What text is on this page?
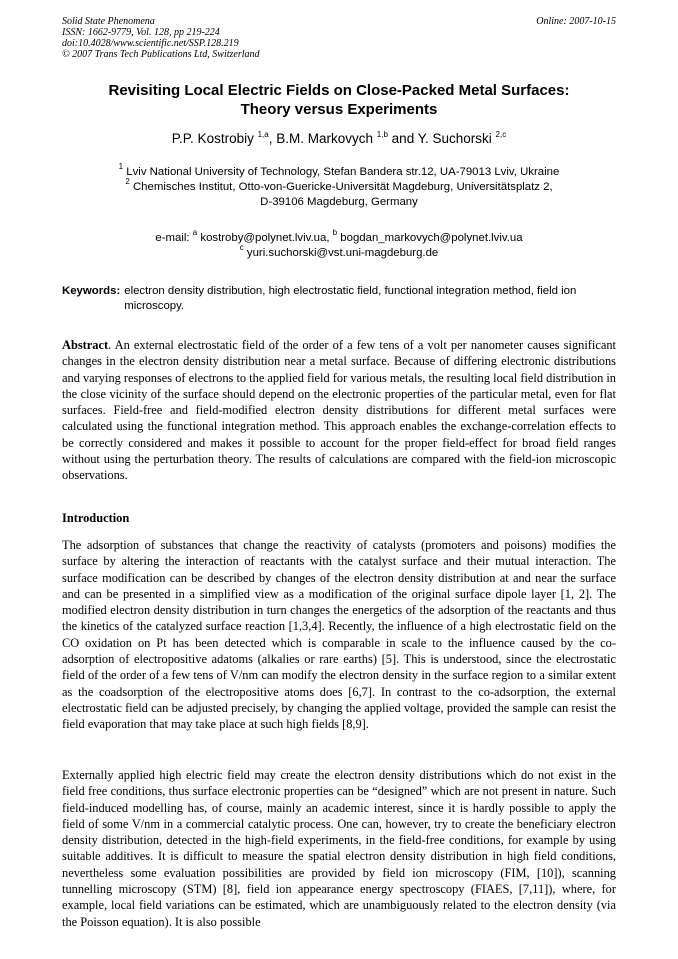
Solid State Phenomena
ISSN: 1662-9779, Vol. 128, pp 219-224
doi:10.4028/www.scientific.net/SSP.128.219
© 2007 Trans Tech Publications Ltd, Switzerland
Online: 2007-10-15
Revisiting Local Electric Fields on Close-Packed Metal Surfaces:
Theory versus Experiments
P.P. Kostrobiy $^{1,a}$, B.M. Markovych $^{1,b}$ and Y. Suchorski $^{2,c}$
$^1$ Lviv National University of Technology, Stefan Bandera str.12, UA-79013 Lviv, Ukraine
$^2$ Chemisches Institut, Otto-von-Guericke-Universität Magdeburg, Universitätsplatz 2,
D-39106 Magdeburg, Germany
e-mail: $^a$ kostroby@polynet.lviv.ua, $^b$ bogdan_markovych@polynet.lviv.ua
$^c$ yuri.suchorski@vst.uni-magdeburg.de
Keywords: electron density distribution, high electrostatic field, functional integration method, field ion microscopy.
Abstract. An external electrostatic field of the order of a few tens of a volt per nanometer causes significant changes in the electron density distribution near a metal surface. Because of differing electronic distributions and varying responses of electrons to the applied field for various metals, the resulting local field distribution in the close vicinity of the surface should depend on the electronic properties of the particular metal, even for flat surfaces. Field-free and field-modified electron density distributions for different metal surfaces were calculated using the functional integration method. This approach enables the exchange-correlation effects to be correctly considered and makes it possible to account for the proper field-effect for broad field ranges without using the perturbation theory. The results of calculations are compared with the field-ion microscopic observations.
Introduction
The adsorption of substances that change the reactivity of catalysts (promoters and poisons) modifies the surface by altering the interaction of reactants with the catalyst surface and their mutual interaction. The surface modification can be described by changes of the electron density distribution at and near the surface and can be presented in a simplified view as a modification of the original surface dipole layer [1, 2]. The modified electron density distribution in turn changes the energetics of the adsorption of the reactants and thus the kinetics of the catalyzed surface reaction [1,3,4]. Recently, the influence of a high electrostatic field on the CO oxidation on Pt has been detected which is comparable in scale to the influence caused by the co-adsorption of electropositive adatoms (alkalies or rare earths) [5]. This is understood, since the electrostatic field of the order of a few tens of V/nm can modify the electron density in the surface region to a similar extent as the coadsorption of the electropositive atoms does [6,7]. In contrast to the co-adsorption, the external electrostatic field can be adjusted precisely, by changing the applied voltage, provided the sample can resist the field evaporation that may take place at such high fields [8,9].
Externally applied high electric field may create the electron density distributions which do not exist in the field free conditions, thus surface electronic properties can be “designed” which are not present in nature. Such field-induced modelling has, of course, mainly an academic interest, since it is hardly possible to apply the field of some V/nm in a commercial catalytic process. One can, however, try to create the beneficiary electron density distribution, detected in the high-field experiments, in the field-free conditions, for example by using suitable additives. It is difficult to measure the spatial electron density distribution in high field conditions, nevertheless some evaluation possibilities are provided by field ion microscopy (FIM, [10]), scanning tunnelling microscopy (STM) [8], field ion appearance energy spectroscopy (FIAES, [7,11]), where, for example, local field variations can be estimated, which are unambiguously related to the electron density (via the Poisson equation). It is also possible
